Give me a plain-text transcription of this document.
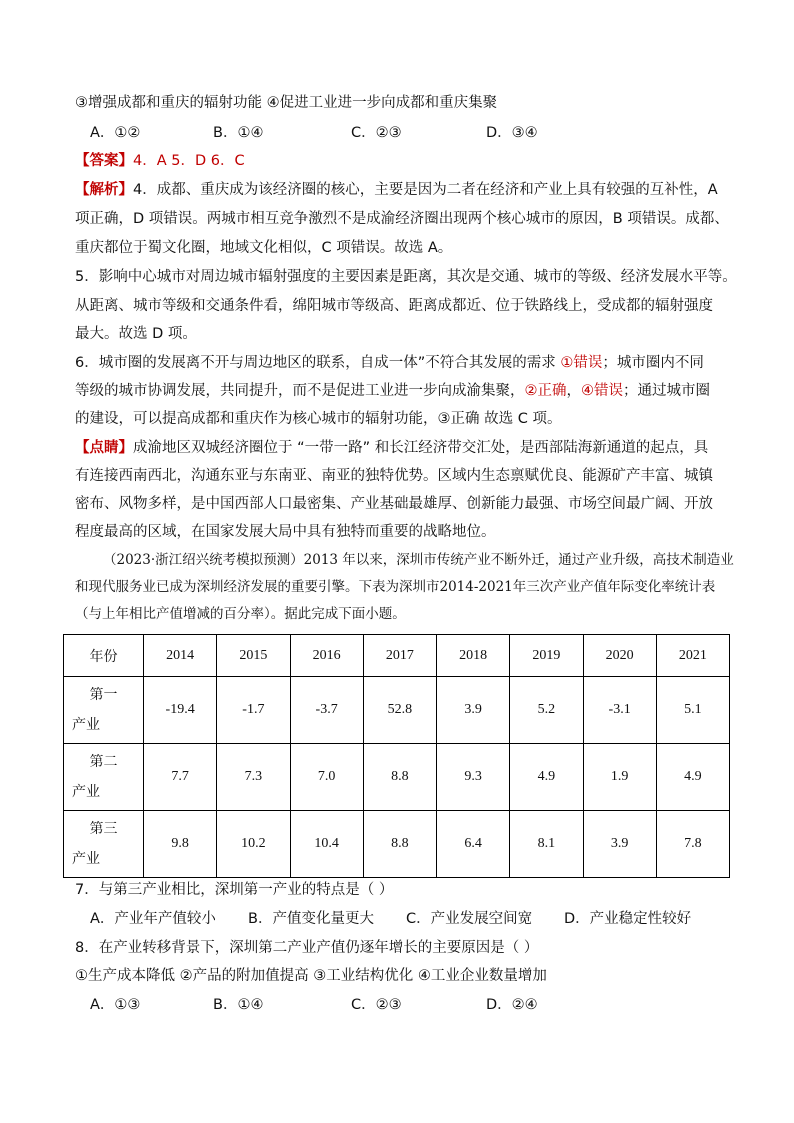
③增强成都和重庆的辐射功能 ④促进工业进一步向成都和重庆集聚
A．①②	B．①④	C．②③	D．③④
【答案】4．A 5．D 6．C
【解析】4．成都、重庆成为该经济圈的核心，主要是因为二者在经济和产业上具有较强的互补性，A
项正确，D 项错误。两城市相互竞争激烈不是成渝经济圈出现两个核心城市的原因，B 项错误。成都、
重庆都位于蜀文化圈，地域文化相似，C 项错误。故选 A。
5．影响中心城市对周边城市辐射强度的主要因素是距离，其次是交通、城市的等级、经济发展水平等。
从距离、城市等级和交通条件看，绵阳城市等级高、距离成都近、位于铁路线上，受成都的辐射强度
最大。故选 D 项。
6．城市圈的发展离不开与周边地区的联系，自成一体”不符合其发展的需求 ①错误；城市圈内不同
等级的城市协调发展，共同提升，而不是促进工业进一步向成渝集聚，②正确，④错误；通过城市圈
的建设，可以提高成都和重庆作为核心城市的辐射功能，③正确 故选 C 项。
【点睛】成渝地区双城经济圈位于 “一带一路” 和长江经济带交汇处，是西部陆海新通道的起点，具
有连接西南西北，沟通东亚与东南亚、南亚的独特优势。区域内生态禀赋优良、能源矿产丰富、城镇
密布、风物多样，是中国西部人口最密集、产业基础最雄厚、创新能力最强、市场空间最广阔、开放
程度最高的区域，在国家发展大局中具有独特而重要的战略地位。
（2023·浙江绍兴统考模拟预测）2013 年以来，深圳市传统产业不断外迁，通过产业升级，高技术制造业和现代服务业已成为深圳经济发展的重要引擎。下表为深圳市2014-2021年三次产业产值年际变化率统计表（与上年相比产值增减的百分率）。据此完成下面小题。
年份	2014	2015	2016	2017	2018	2019	2020	2021

第一
产业	-19.4	-1.7	-3.7	52.8	3.9	5.2	-3.1	5.1

第二
产业	7.7	7.3	7.0	8.8	9.3	4.9	1.9	4.9

第三
产业	9.8	10.2	10.4	8.8	6.4	8.1	3.9	7.8
7．与第三产业相比，深圳第一产业的特点是（ ）
A．产业年产值较小 B．产值变化量更大 C．产业发展空间宽 D．产业稳定性较好
8．在产业转移背景下，深圳第二产业产值仍逐年增长的主要原因是（ ）
①生产成本降低 ②产品的附加值提高 ③工业结构优化 ④工业企业数量增加
A．①③	B．①④	C．②③	D．②④
